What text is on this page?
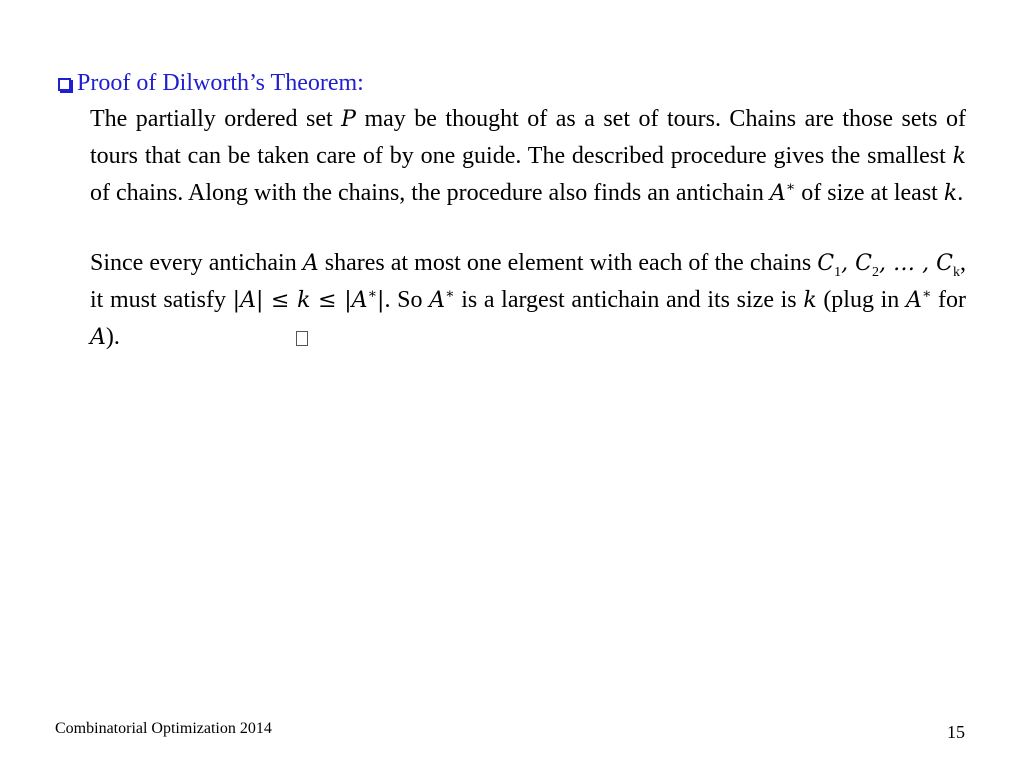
Proof of Dilworth’s Theorem:

The partially ordered set P may be thought of as a set of tours. Chains are those sets of tours that can be taken care of by one guide. The described procedure gives the smallest k of chains. Along with the chains, the procedure also finds an antichain A∗ of size at least k.

Since every antichain A shares at most one element with each of the chains $C_1$, $C_2$, … , $C_k$, it must satisfy |A| ≤ k ≤ |A∗|. So A∗ is a largest antichain and its size is k (plug in A∗ for A).

Combinatorial Optimization 2014	15
